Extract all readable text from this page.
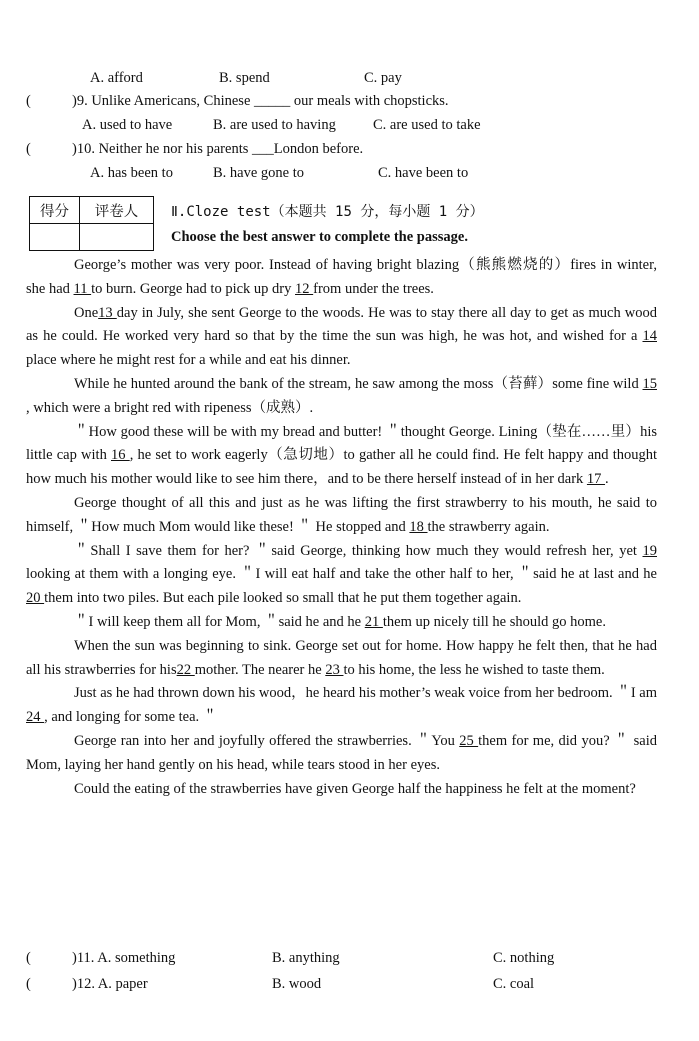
A. afford	B. spend	C. pay
(	)9. Unlike Americans, Chinese _____ our meals with chopsticks.
A. used to have	B. are used to having	C. are used to take
(	)10. Neither he nor his parents ___London before.
A. has been to	B. have gone to	C. have been to
得分	评卷人
	Ⅱ.Cloze test（本题共 15 分，每小题 1 分）
Choose the best answer to complete the passage.

George’s mother was very poor. Instead of having bright blazing（熊熊燃烧的）fires in winter, she had 11 to burn. George had to pick up dry 12 from under the trees.

One13 day in July, she sent George to the woods. He was to stay there all day to get as much wood as he could. He worked very hard so that by the time the sun was high, he was hot, and wished for a 14 place where he might rest for a while and eat his dinner.

While he hunted around the bank of the stream, he saw among the moss（苔藓）some fine wild 15 , which were a bright red with ripeness（成熟）.

＂How good these will be with my bread and butter! ＂thought George. Lining（垫在……里）his little cap with 16 , he set to work eagerly（急切地）to gather all he could find. He felt happy and thought how much his mother would like to see him there，and to be there herself instead of in her dark 17 .

George thought of all this and just as he was lifting the first strawberry to his mouth, he said to himself, ＂How much Mom would like these! ＂ He stopped and 18 the strawberry again.

＂Shall I save them for her? ＂said George, thinking how much they would refresh her, yet 19 looking at them with a longing eye. ＂I will eat half and take the other half to her, ＂said he at last and he 20 them into two piles. But each pile looked so small that he put them together again.

＂I will keep them all for Mom, ＂said he and he 21 them up nicely till he should go home.

When the sun was beginning to sink. George set out for home. How happy he felt then, that he had all his strawberries for his22 mother. The nearer he 23 to his home, the less he wished to taste them.

Just as he had thrown down his wood，he heard his mother’s weak voice from her bedroom. ＂I am 24 , and longing for some tea. ＂

George ran into her and joyfully offered the strawberries. ＂You 25 them for me, did you? ＂ said Mom, laying her hand gently on his head, while tears stood in her eyes.

Could the eating of the strawberries have given George half the happiness he felt at the moment?

(	)11. A. something	B. anything	C. nothing
(	)12. A. paper	B. wood	C. coal
